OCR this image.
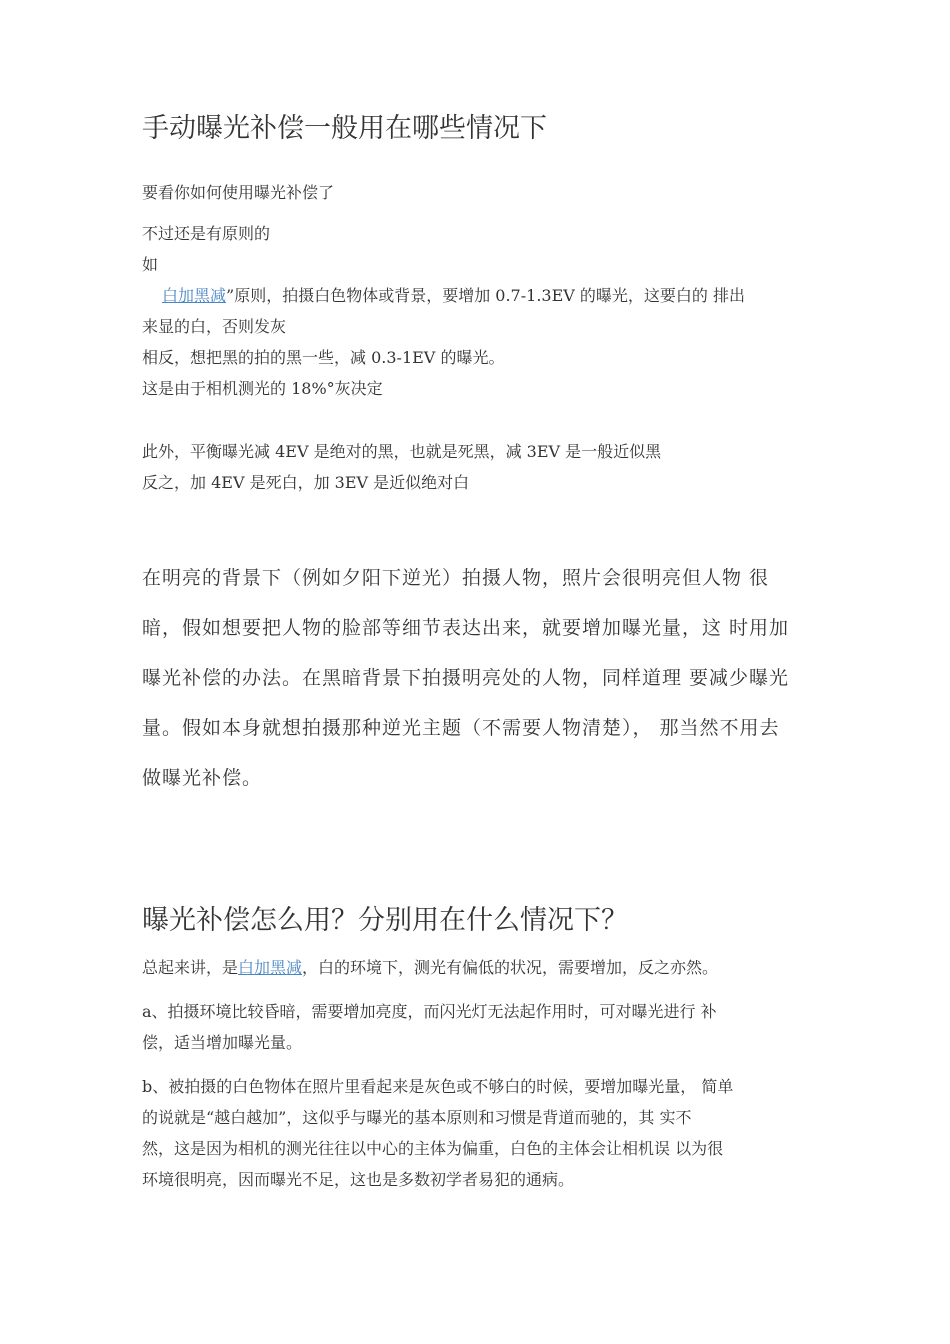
手动曝光补偿一般用在哪些情况下

要看你如何使用曝光补偿了

不过还是有原则的
如
白加黑减”原则，拍摄白色物体或背景，要增加 0.7-1.3EV 的曝光，这要白的 排出
来显的白，否则发灰
相反，想把黑的拍的黑一些，减 0.3-1EV 的曝光。
这是由于相机测光的 18%°灰决定
此外，平衡曝光减 4EV 是绝对的黑，也就是死黑，减 3EV 是一般近似黑
反之，加 4EV 是死白，加 3EV 是近似绝对白
在明亮的背景下（例如夕阳下逆光）拍摄人物，照片会很明亮但人物 很
暗，假如想要把人物的脸部等细节表达出来，就要增加曝光量，这 时用加
曝光补偿的办法。在黑暗背景下拍摄明亮处的人物，同样道理 要减少曝光
量。假如本身就想拍摄那种逆光主题（不需要人物清楚）， 那当然不用去
做曝光补偿。
曝光补偿怎么用？分别用在什么情况下？

总起来讲，是白加黑减，白的环境下，测光有偏低的状况，需要增加，反之亦然。

a、拍摄环境比较昏暗，需要增加亮度，而闪光灯无法起作用时，可对曝光进行 补
偿，适当增加曝光量。
b、被拍摄的白色物体在照片里看起来是灰色或不够白的时候，要增加曝光量， 简单
的说就是“越白越加”，这似乎与曝光的基本原则和习惯是背道而驰的，其 实不
然，这是因为相机的测光往往以中心的主体为偏重，白色的主体会让相机误 以为很
环境很明亮，因而曝光不足，这也是多数初学者易犯的通病。
